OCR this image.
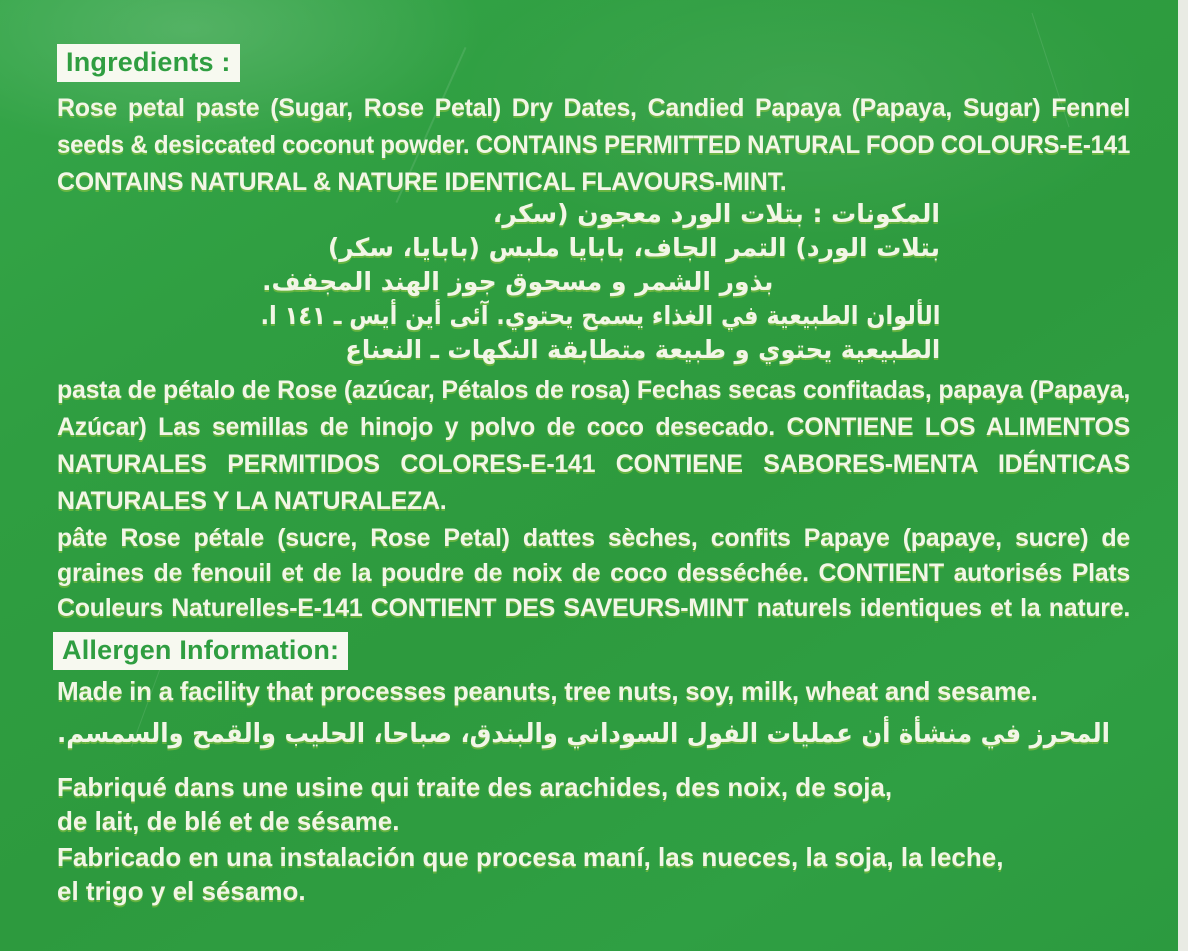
Ingredients :
Rose petal paste (Sugar, Rose Petal) Dry Dates, Candied Papaya (Papaya, Sugar) Fennel
seeds & desiccated coconut powder. CONTAINS PERMITTED NATURAL FOOD COLOURS-E-141
CONTAINS NATURAL & NATURE IDENTICAL FLAVOURS-MINT.
المكونات : بتلات الورد معجون (سكر،
بتلات الورد) التمر الجاف، بابايا ملبس (بابايا، سكر)
بذور الشمر و مسحوق جوز الهند المجفف.
الألوان الطبيعية في الغذاء يسمح يحتوي. آئى أين أيس ـ ١٤١ ا.
الطبيعية يحتوي و طبيعة متطابقة النكهات ـ النعناع
pasta de pétalo de Rose (azúcar, Pétalos de rosa) Fechas secas confitadas, papaya (Papaya,
Azúcar) Las semillas de hinojo y polvo de coco desecado. CONTIENE LOS ALIMENTOS
NATURALES PERMITIDOS COLORES-E-141 CONTIENE SABORES-MENTA IDÉNTICAS
NATURALES Y LA NATURALEZA.
pâte Rose pétale (sucre, Rose Petal) dattes sèches, confits Papaye (papaye, sucre) de
graines de fenouil et de la poudre de noix de coco desséchée. CONTIENT autorisés Plats
Couleurs Naturelles-E-141 CONTIENT DES SAVEURS-MINT naturels identiques et la nature.
Allergen Information:
Made in a facility that processes peanuts, tree nuts, soy, milk, wheat and sesame.
المحرز في منشأة أن عمليات الفول السوداني والبندق، صباحا، الحليب والقمح والسمسم.
Fabriqué dans une usine qui traite des arachides, des noix, de soja,
de lait, de blé et de sésame.
Fabricado en una instalación que procesa maní, las nueces, la soja, la leche,
el trigo y el sésamo.
